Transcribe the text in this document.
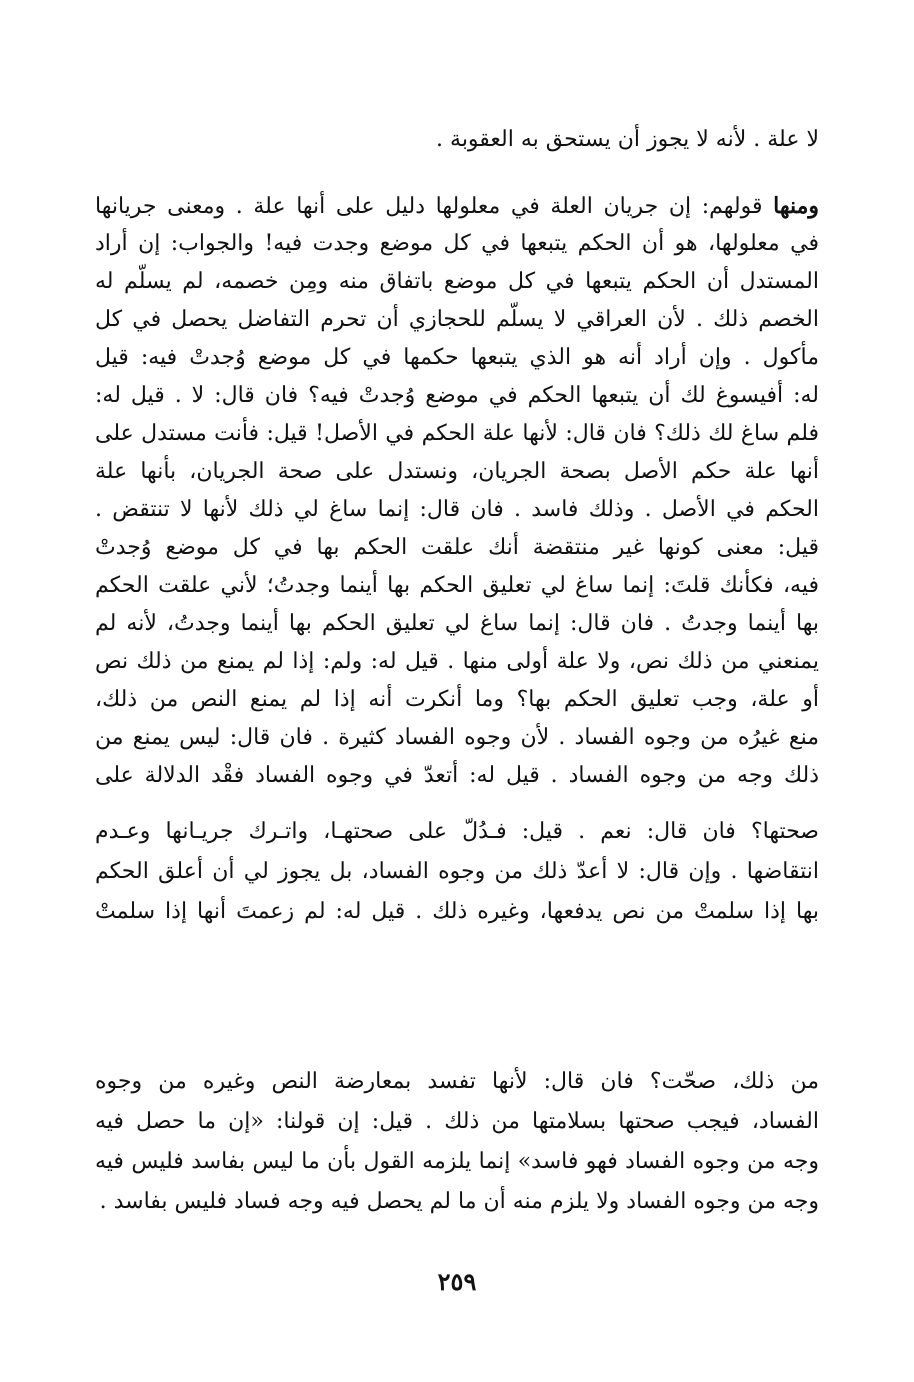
لا علة . لأنه لا يجوز أن يستحق به العقوبة .
ومنها قولهم: إن جريان العلة في معلولها دليل على أنها علة . ومعنى جريانها
في معلولها، هو أن الحكم يتبعها في كل موضع وجدت فيه! والجواب: إن أراد
المستدل أن الحكم يتبعها في كل موضع باتفاق منه ومِن خصمه، لم يسلّم له
الخصم ذلك . لأن العراقي لا يسلّم للحجازي أن تحرم التفاضل يحصل في كل
مأكول . وإن أراد أنه هو الذي يتبعها حكمها في كل موضع وُجدتْ فيه: قيل
له: أفيسوغ لك أن يتبعها الحكم في موضع وُجدتْ فيه؟ فان قال: لا . قيل له:
فلم ساغ لك ذلك؟ فان قال: لأنها علة الحكم في الأصل! قيل: فأنت مستدل على
أنها علة حكم الأصل بصحة الجريان، ونستدل على صحة الجريان، بأنها علة
الحكم في الأصل . وذلك فاسد . فان قال: إنما ساغ لي ذلك لأنها لا تنتقض .
قيل: معنى كونها غير منتقضة أنك علقت الحكم بها في كل موضع وُجدتْ
فيه، فكأنك قلتَ: إنما ساغ لي تعليق الحكم بها أينما وجدتُ؛ لأني علقت الحكم
بها أينما وجدتُ . فان قال: إنما ساغ لي تعليق الحكم بها أينما وجدتُ، لأنه لم
يمنعني من ذلك نص، ولا علة أولى منها . قيل له: ولم: إذا لم يمنع من ذلك نص
أو علة، وجب تعليق الحكم بها؟ وما أنكرت أنه إذا لم يمنع النص من ذلك،
منع غيرُه من وجوه الفساد . لأن وجوه الفساد كثيرة . فان قال: ليس يمنع من
ذلك وجه من وجوه الفساد . قيل له: أتعدّ في وجوه الفساد فقْد الدلالة على
صحتها؟ فان قال: نعم . قيل: فـدُلّ على صحتهـا، واتـرك جريـانها وعـدم
انتقاضها . وإن قال: لا أعدّ ذلك من وجوه الفساد، بل يجوز لي أن أعلق الحكم
بها إذا سلمتْ من نص يدفعها، وغيره ذلك . قيل له: لم زعمتَ أنها إذا سلمتْ
من ذلك، صحّت؟ فان قال: لأنها تفسد بمعارضة النص وغيره من وجوه
الفساد، فيجب صحتها بسلامتها من ذلك . قيل: إن قولنا: «إن ما حصل فيه
وجه من وجوه الفساد فهو فاسد» إنما يلزمه القول بأن ما ليس بفاسد فليس فيه
وجه من وجوه الفساد ولا يلزم منه أن ما لم يحصل فيه وجه فساد فليس بفاسد .
٢٥٩
